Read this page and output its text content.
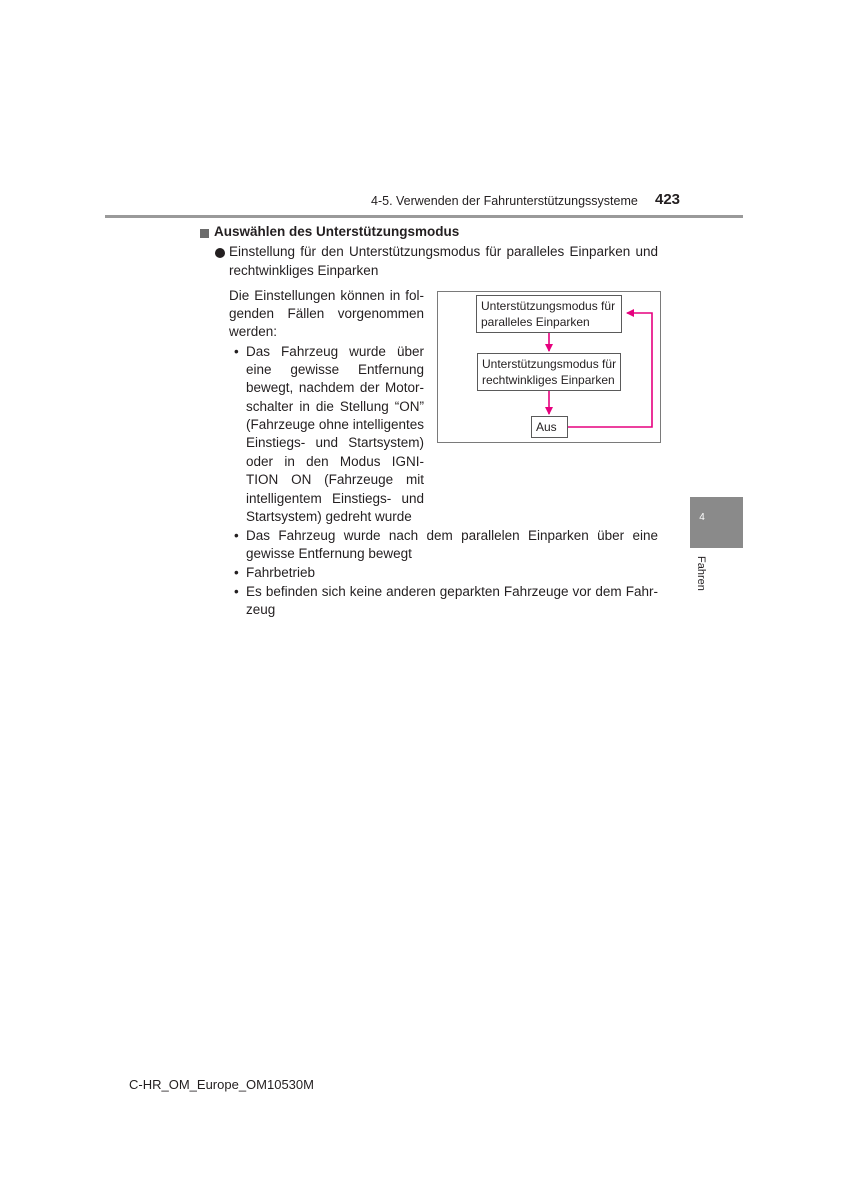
4-5. Verwenden der Fahrunterstützungssysteme 423
Auswählen des Unterstützungsmodus
Einstellung für den Unterstützungsmodus für paralleles Einparken und
rechtwinkliges Einparken
Die Einstellungen können in fol-
genden Fällen vorgenommen
werden:
• Das Fahrzeug wurde über
eine gewisse Entfernung
bewegt, nachdem der Motor-
schalter in die Stellung “ON”
(Fahrzeuge ohne intelligentes
Einstiegs- und Startsystem)
oder in den Modus IGNI-
TION ON (Fahrzeuge mit
intelligentem Einstiegs- und
Startsystem) gedreht wurde
• Das Fahrzeug wurde nach dem parallelen Einparken über eine
gewisse Entfernung bewegt
• Fahrbetrieb
• Es befinden sich keine anderen geparkten Fahrzeuge vor dem Fahr-
zeug
Unterstützungsmodus für
paralleles Einparken
Unterstützungsmodus für
rechtwinkliges Einparken
Aus
4
Fahren
C-HR_OM_Europe_OM10530M
